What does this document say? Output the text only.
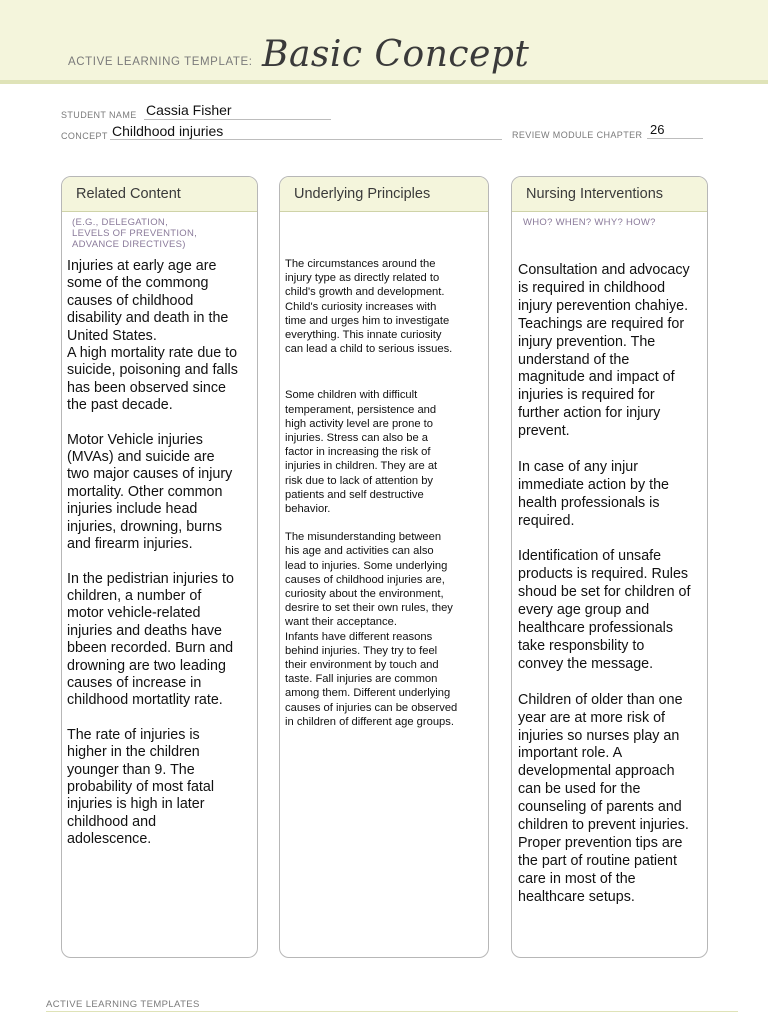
ACTIVE LEARNING TEMPLATE: Basic Concept
STUDENT NAME Cassia Fisher
CONCEPT Childhood injuries	REVIEW MODULE CHAPTER 26
Related Content
(E.G., DELEGATION,
LEVELS OF PREVENTION,
ADVANCE DIRECTIVES)

Injuries at early age are
some of the commong
causes of childhood
disability and death in the
United States.
A high mortality rate due to
suicide, poisoning and falls
has been observed since
the past decade.

Motor Vehicle injuries
(MVAs) and suicide are
two major causes of injury
mortality. Other common
injuries include head
injuries, drowning, burns
and firearm injuries.

In the pedistrian injuries to
children, a number of
motor vehicle-related
injuries and deaths have
bbeen recorded. Burn and
drowning are two leading
causes of increase in
childhood mortatlity rate.

The rate of injuries is
higher in the children
younger than 9. The
probability of most fatal
injuries is high in later
childhood and
adolescence.

Underlying Principles

The circumstances around the
injury type as directly related to
child's growth and development.
Child's curiosity increases with
time and urges him to investigate
everything. This innate curiosity
can lead a child to serious issues.

Some children with difficult
temperament, persistence and
high activity level are prone to
injuries. Stress can also be a
factor in increasing the risk of
injuries in children. They are at
risk due to lack of attention by
patients and self destructive
behavior.

The misunderstanding between
his age and activities can also
lead to injuries. Some underlying
causes of childhood injuries are,
curiosity about the environment,
desrire to set their own rules, they
want their acceptance.
Infants have different reasons
behind injuries. They try to feel
their environment by touch and
taste. Fall injuries are common
among them. Different underlying
causes of injuries can be observed
in children of different age groups.

Nursing Interventions
WHO? WHEN? WHY? HOW?

Consultation and advocacy
is required in childhood
injury perevention chahiye.
Teachings are required for
injury prevention. The
understand of the
magnitude and impact of
injuries is required for
further action for injury
prevent.

In case of any injur
immediate action by the
health professionals is
required.

Identification of unsafe
products is required. Rules
shoud be set for children of
every age group and
healthcare professionals
take responsbility to
convey the message.

Children of older than one
year are at more risk of
injuries so nurses play an
important role. A
developmental approach
can be used for the
counseling of parents and
children to prevent injuries.
Proper prevention tips are
the part of routine patient
care in most of the
healthcare setups.

ACTIVE LEARNING TEMPLATES
